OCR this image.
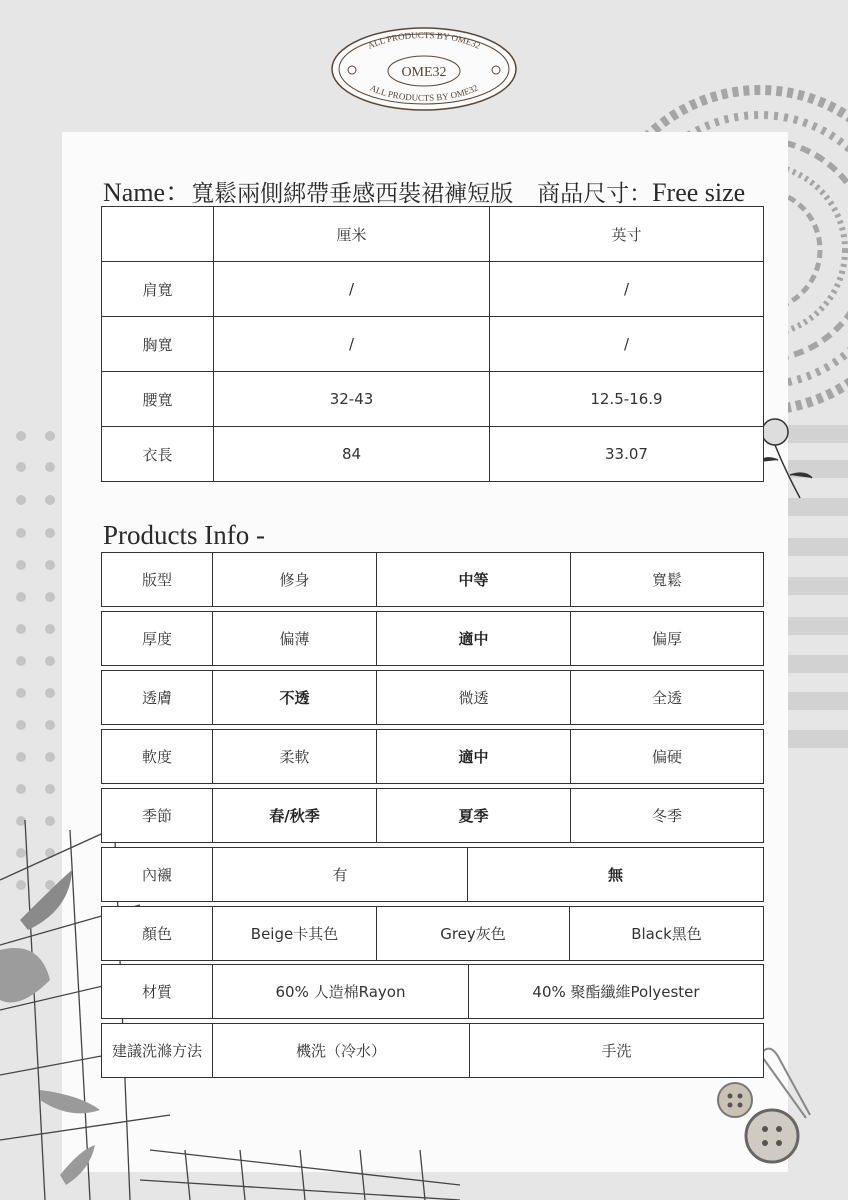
ALL PRODUCTS BY OME32
ALL PRODUCTS BY OME32
OME32
Name：寬鬆兩側綁帶垂感西裝裙褲短版 商品尺寸：Free size
	厘米	英寸
肩寬	/	/
胸寬	/	/
腰寬	32-43	12.5-16.9
衣長	84	33.07
Products Info -
版型	修身	中等	寬鬆
厚度	偏薄	適中	偏厚
透膚	不透	微透	全透
軟度	柔軟	適中	偏硬
季節	春/秋季	夏季	冬季
內襯	有	無
顏色	Beige卡其色	Grey灰色	Black黑色
材質	60% 人造棉Rayon	40% 聚酯纖維Polyester
建議洗滌方法	機洗（冷水）	手洗
